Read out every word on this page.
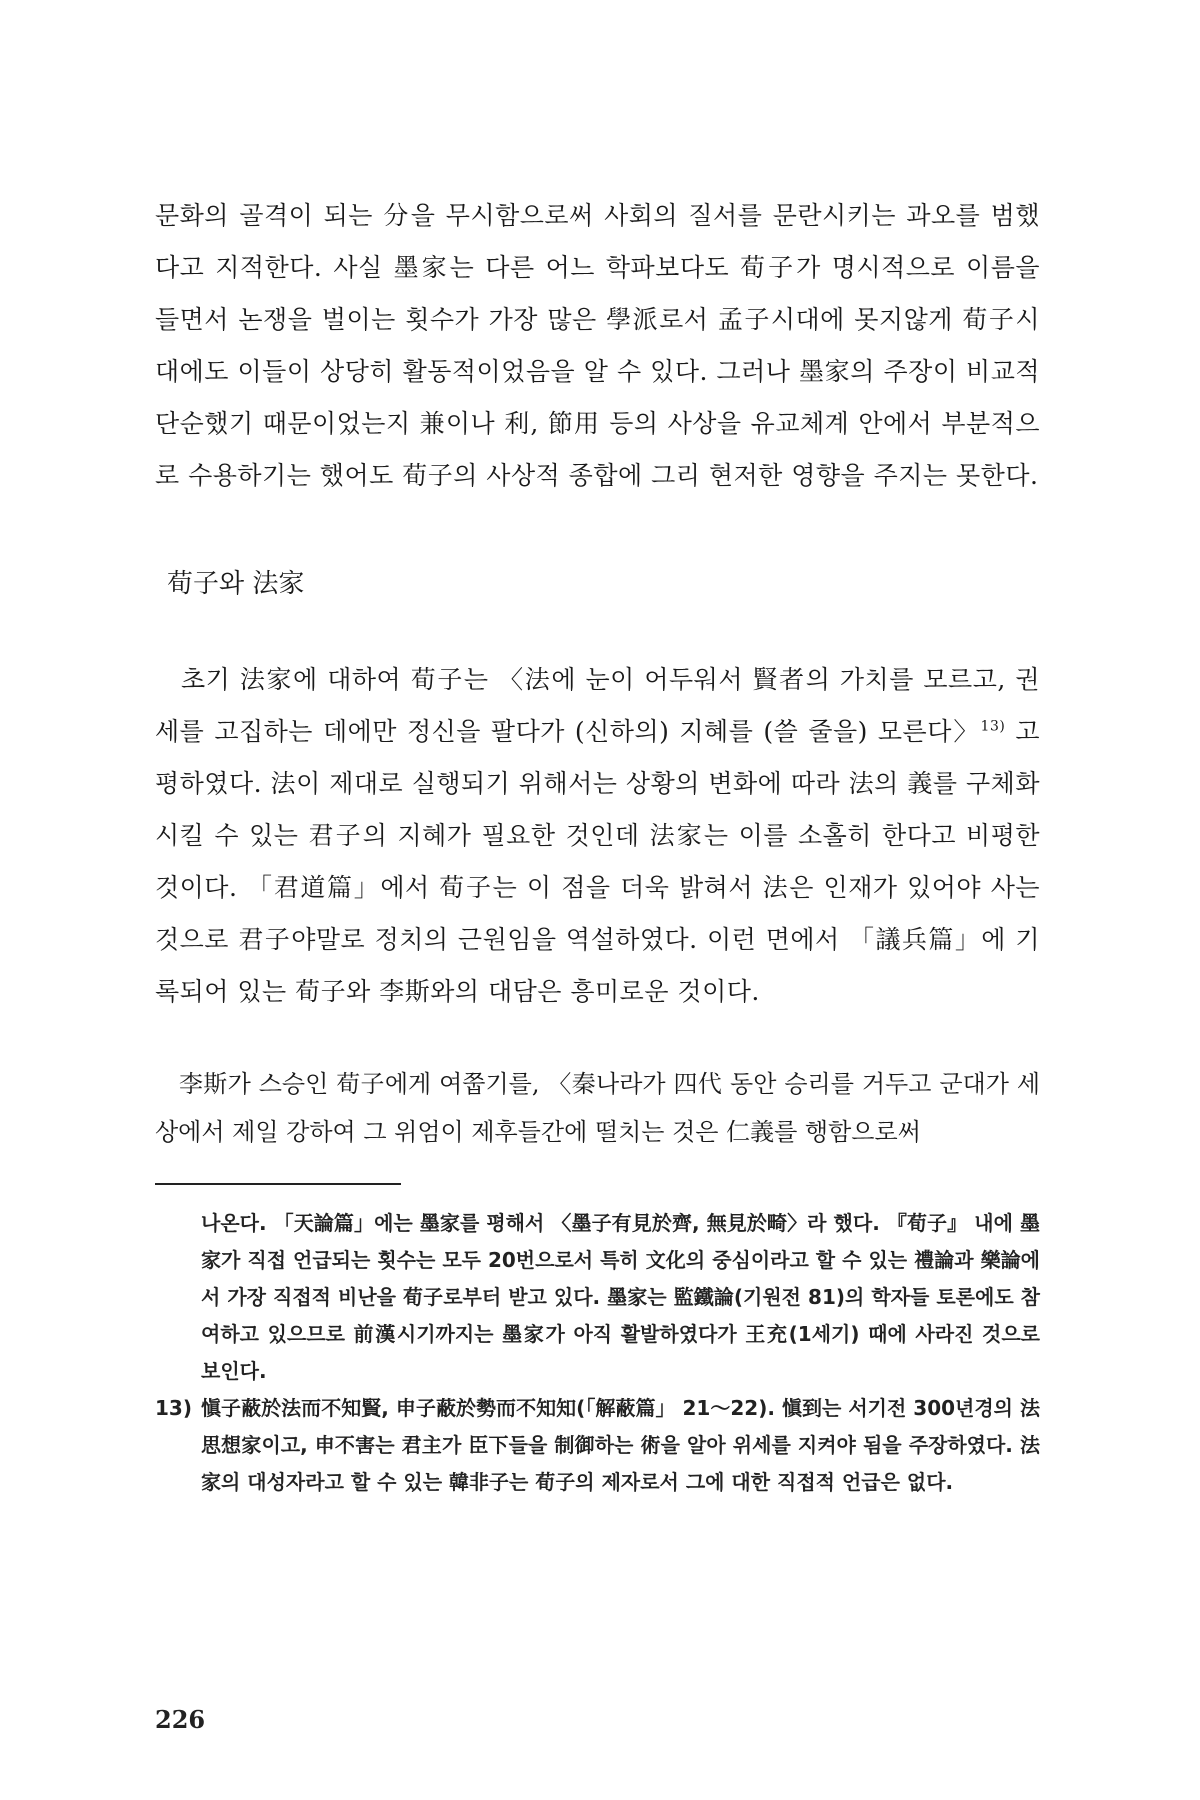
문화의 골격이 되는 分을 무시함으로써 사회의 질서를 문란시키는 과오를 범했다고 지적한다. 사실 墨家는 다른 어느 학파보다도 荀子가 명시적으로 이름을 들면서 논쟁을 벌이는 횟수가 가장 많은 學派로서 孟子시대에 못지않게 荀子시대에도 이들이 상당히 활동적이었음을 알 수 있다. 그러나 墨家의 주장이 비교적 단순했기 때문이었는지 兼이나 利, 節用 등의 사상을 유교체계 안에서 부분적으로 수용하기는 했어도 荀子의 사상적 종합에 그리 현저한 영향을 주지는 못한다.

荀子와 法家

초기 法家에 대하여 荀子는 〈法에 눈이 어두워서 賢者의 가치를 모르고, 권세를 고집하는 데에만 정신을 팔다가 (신하의) 지혜를 (쓸 줄을) 모른다〉$^{13)}$ 고 평하였다. 法이 제대로 실행되기 위해서는 상황의 변화에 따라 法의 義를 구체화시킬 수 있는 君子의 지혜가 필요한 것인데 法家는 이를 소홀히 한다고 비평한 것이다. 「君道篇」에서 荀子는 이 점을 더욱 밝혀서 法은 인재가 있어야 사는 것으로 君子야말로 정치의 근원임을 역설하였다. 이런 면에서 「議兵篇」에 기록되어 있는 荀子와 李斯와의 대담은 흥미로운 것이다.

李斯가 스승인 荀子에게 여쭙기를, 〈秦나라가 四代 동안 승리를 거두고 군대가 세상에서 제일 강하여 그 위엄이 제후들간에 떨치는 것은 仁義를 행함으로써

나온다. 「天論篇」에는 墨家를 평해서 〈墨子有見於齊, 無見於畸〉라 했다. 『荀子』 내에 墨家가 직접 언급되는 횟수는 모두 20번으로서 특히 文化의 중심이라고 할 수 있는 禮論과 樂論에서 가장 직접적 비난을 荀子로부터 받고 있다. 墨家는 監鐵論(기원전 81)의 학자들 토론에도 참여하고 있으므로 前漢시기까지는 墨家가 아직 활발하였다가 王充(1세기) 때에 사라진 것으로 보인다.

13) 愼子蔽於法而不知賢, 申子蔽於勢而不知知(「解蔽篇」 21～22). 愼到는 서기전 300년경의 法思想家이고, 申不害는 君主가 臣下들을 制御하는 術을 알아 위세를 지켜야 됨을 주장하였다. 法家의 대성자라고 할 수 있는 韓非子는 荀子의 제자로서 그에 대한 직접적 언급은 없다.
226
